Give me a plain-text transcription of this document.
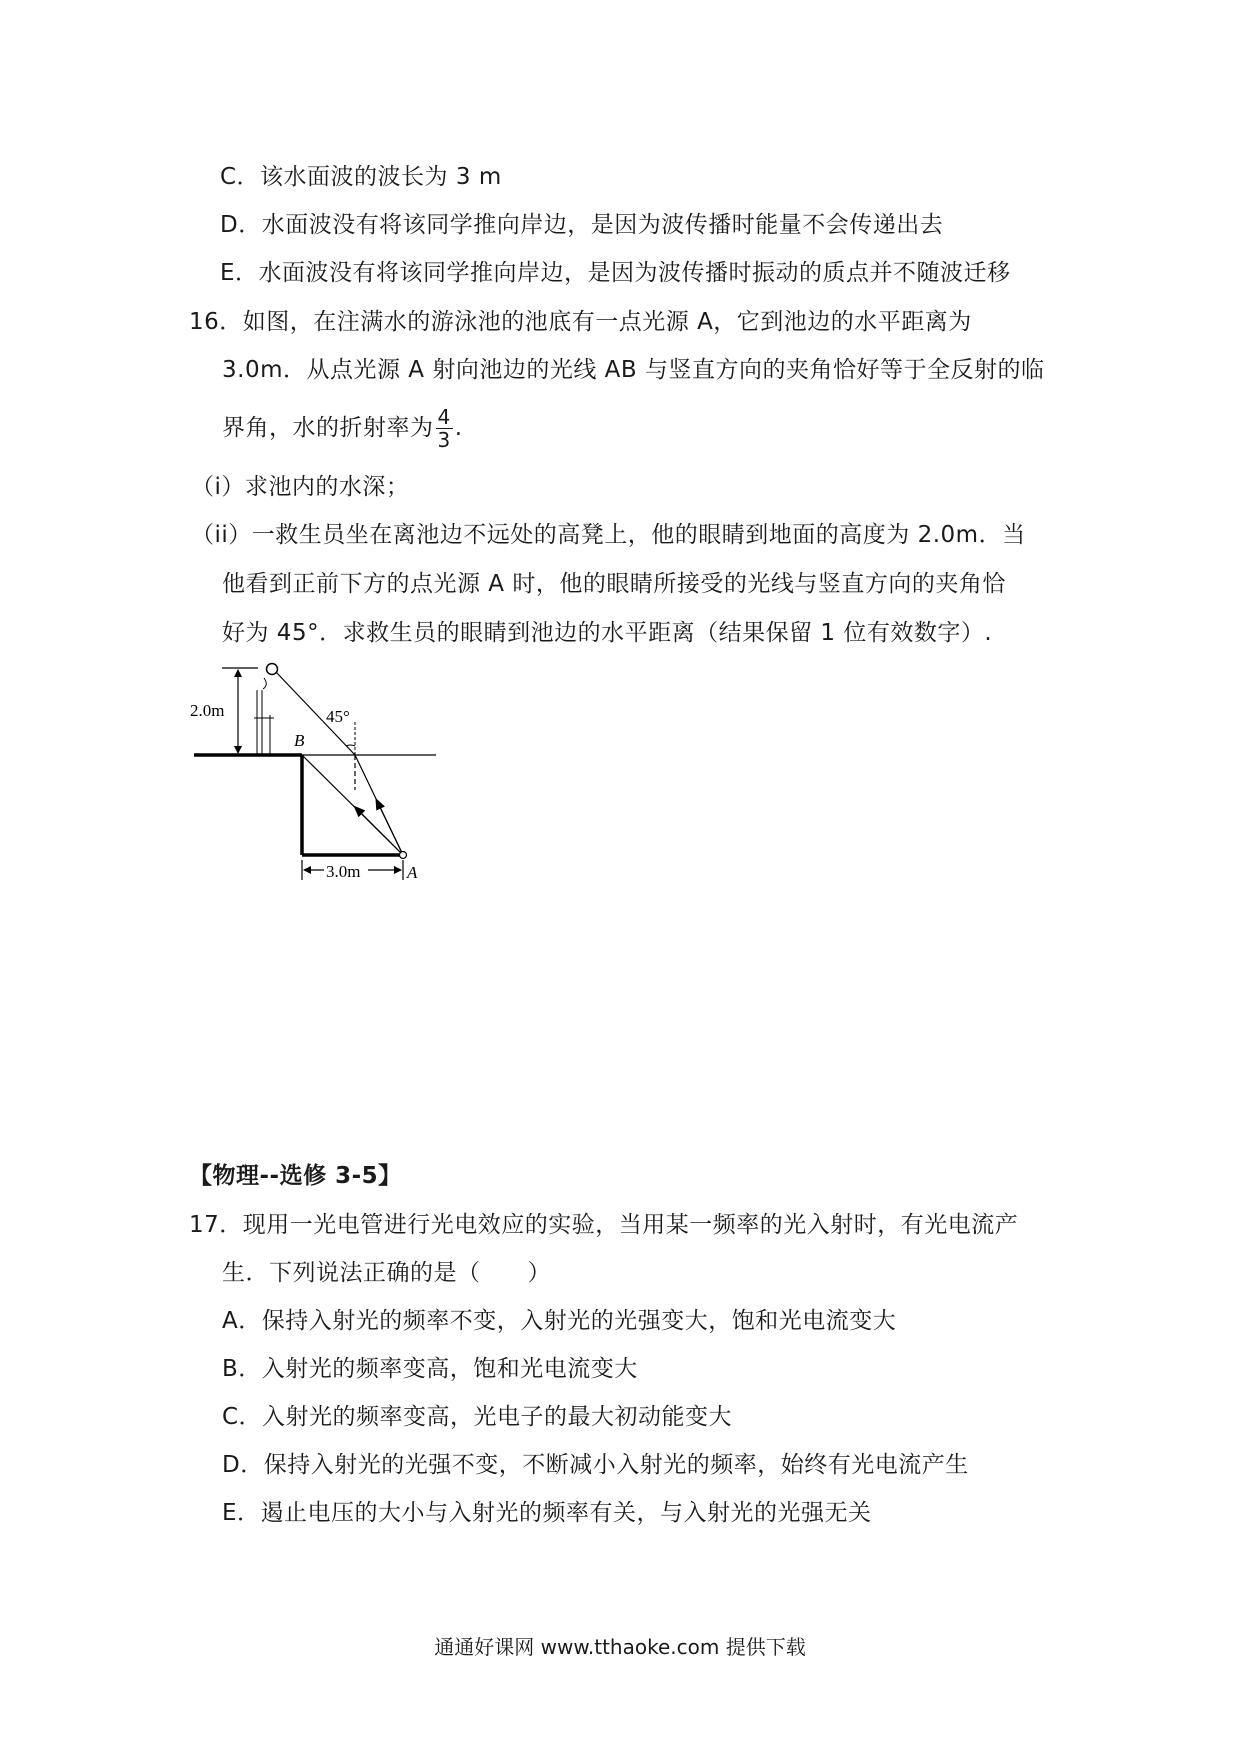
C．该水面波的波长为 3 m
D．水面波没有将该同学推向岸边，是因为波传播时能量不会传递出去
E．水面波没有将该同学推向岸边，是因为波传播时振动的质点并不随波迁移
16．如图，在注满水的游泳池的池底有一点光源 A，它到池边的水平距离为
3.0m．从点光源 A 射向池边的光线 AB 与竖直方向的夹角恰好等于全反射的临
界角，水的折射率为 $\frac{4}{3}$ .
（i）求池内的水深；
（ii）一救生员坐在离池边不远处的高凳上，他的眼睛到地面的高度为 2.0m．当
他看到正前下方的点光源 A 时，他的眼睛所接受的光线与竖直方向的夹角恰
好为 45°．求救生员的眼睛到池边的水平距离（结果保留 1 位有效数字）.
2.0m	45°
B
3.0m	A
【物理--选修 3-5】
17．现用一光电管进行光电效应的实验，当用某一频率的光入射时，有光电流产
生．下列说法正确的是（　　）
A．保持入射光的频率不变，入射光的光强变大，饱和光电流变大
B．入射光的频率变高，饱和光电流变大
C．入射光的频率变高，光电子的最大初动能变大
D．保持入射光的光强不变，不断减小入射光的频率，始终有光电流产生
E．遏止电压的大小与入射光的频率有关，与入射光的光强无关
通通好课网 www.tthaoke.com 提供下载
